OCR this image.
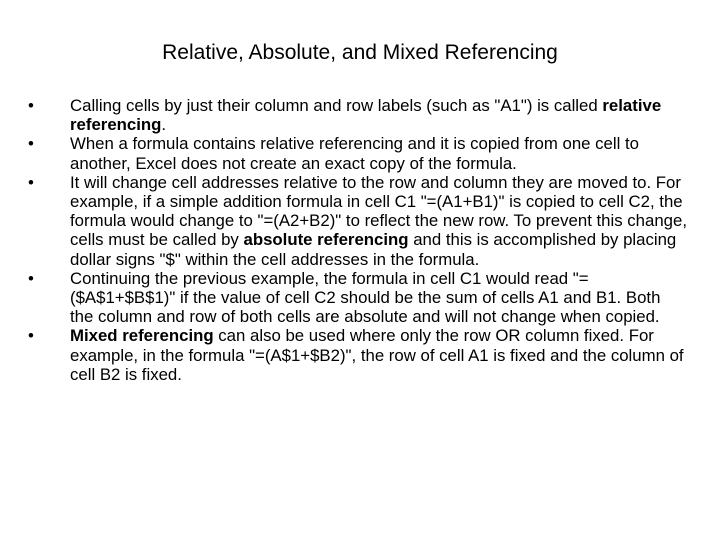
Relative, Absolute, and Mixed Referencing
•	Calling cells by just their column and row labels (such as "A1") is called relative referencing.
•	When a formula contains relative referencing and it is copied from one cell to another, Excel does not create an exact copy of the formula.
•	It will change cell addresses relative to the row and column they are moved to. For example, if a simple addition formula in cell C1 "=(A1+B1)" is copied to cell C2, the formula would change to "=(A2+B2)" to reflect the new row. To prevent this change, cells must be called by absolute referencing and this is accomplished by placing dollar signs "$" within the cell addresses in the formula.
•	Continuing the previous example, the formula in cell C1 would read "=($A$1+$B$1)" if the value of cell C2 should be the sum of cells A1 and B1. Both the column and row of both cells are absolute and will not change when copied.
•	Mixed referencing can also be used where only the row OR column fixed. For example, in the formula "=(A$1+$B2)", the row of cell A1 is fixed and the column of cell B2 is fixed.
